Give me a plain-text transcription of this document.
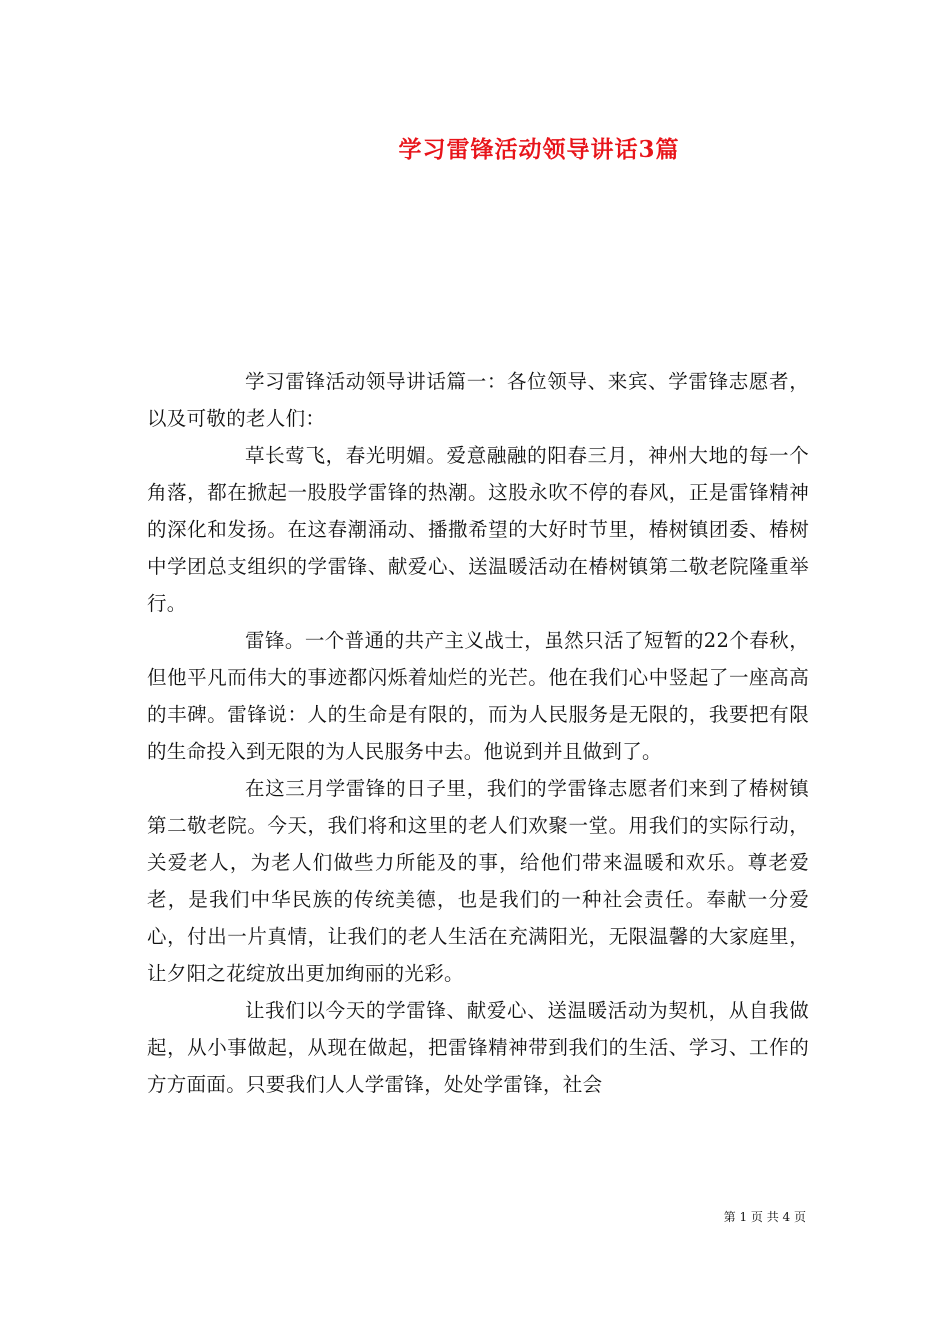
学习雷锋活动领导讲话3篇

学习雷锋活动领导讲话篇一：各位领导、来宾、学雷锋志愿者，以及可敬的老人们：

草长莺飞，春光明媚。爱意融融的阳春三月，神州大地的每一个角落，都在掀起一股股学雷锋的热潮。这股永吹不停的春风，正是雷锋精神的深化和发扬。在这春潮涌动、播撒希望的大好时节里，椿树镇团委、椿树中学团总支组织的学雷锋、献爱心、送温暖活动在椿树镇第二敬老院隆重举行。

雷锋。一个普通的共产主义战士，虽然只活了短暂的22个春秋，但他平凡而伟大的事迹都闪烁着灿烂的光芒。他在我们心中竖起了一座高高的丰碑。雷锋说：人的生命是有限的，而为人民服务是无限的，我要把有限的生命投入到无限的为人民服务中去。他说到并且做到了。

在这三月学雷锋的日子里，我们的学雷锋志愿者们来到了椿树镇第二敬老院。今天，我们将和这里的老人们欢聚一堂。用我们的实际行动，关爱老人，为老人们做些力所能及的事，给他们带来温暖和欢乐。尊老爱老，是我们中华民族的传统美德，也是我们的一种社会责任。奉献一分爱心，付出一片真情，让我们的老人生活在充满阳光，无限温馨的大家庭里，让夕阳之花绽放出更加绚丽的光彩。

让我们以今天的学雷锋、献爱心、送温暖活动为契机，从自我做起，从小事做起，从现在做起，把雷锋精神带到我们的生活、学习、工作的方方面面。只要我们人人学雷锋，处处学雷锋，社会

第 1 页 共 4 页
